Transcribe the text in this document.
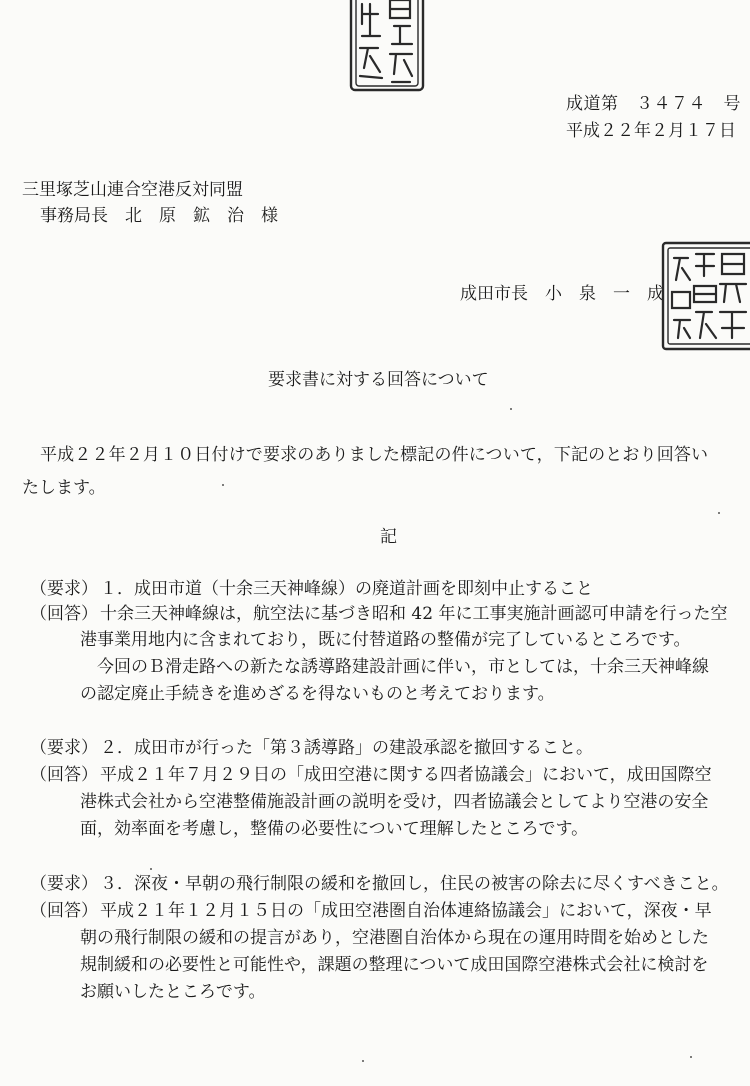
成道第　３４７４　号
平成２２年２月１７日
三里塚芝山連合空港反対同盟
事務局長　北　原　鉱　治　様
成田市長　小　泉　一　成
要求書に対する回答について
平成２２年２月１０日付けで要求のありました標記の件について，下記のとおり回答い
たします。
記
（要求） １．成田市道（十余三天神峰線）の廃道計画を即刻中止すること
（回答） 十余三天神峰線は，航空法に基づき昭和 42 年に工事実施計画認可申請を行った空
港事業用地内に含まれており，既に付替道路の整備が完了しているところです。
　今回のＢ滑走路への新たな誘導路建設計画に伴い，市としては，十余三天神峰線
の認定廃止手続きを進めざるを得ないものと考えております。
（要求） ２．成田市が行った「第３誘導路」の建設承認を撤回すること。
（回答） 平成２１年７月２９日の「成田空港に関する四者協議会」において，成田国際空
港株式会社から空港整備施設計画の説明を受け，四者協議会としてより空港の安全
面，効率面を考慮し，整備の必要性について理解したところです。
（要求） ３．深夜・早朝の飛行制限の緩和を撤回し，住民の被害の除去に尽くすべきこと。
（回答） 平成２１年１２月１５日の「成田空港圏自治体連絡協議会」において，深夜・早
朝の飛行制限の緩和の提言があり，空港圏自治体から現在の運用時間を始めとした
規制緩和の必要性と可能性や，課題の整理について成田国際空港株式会社に検討を
お願いしたところです。
